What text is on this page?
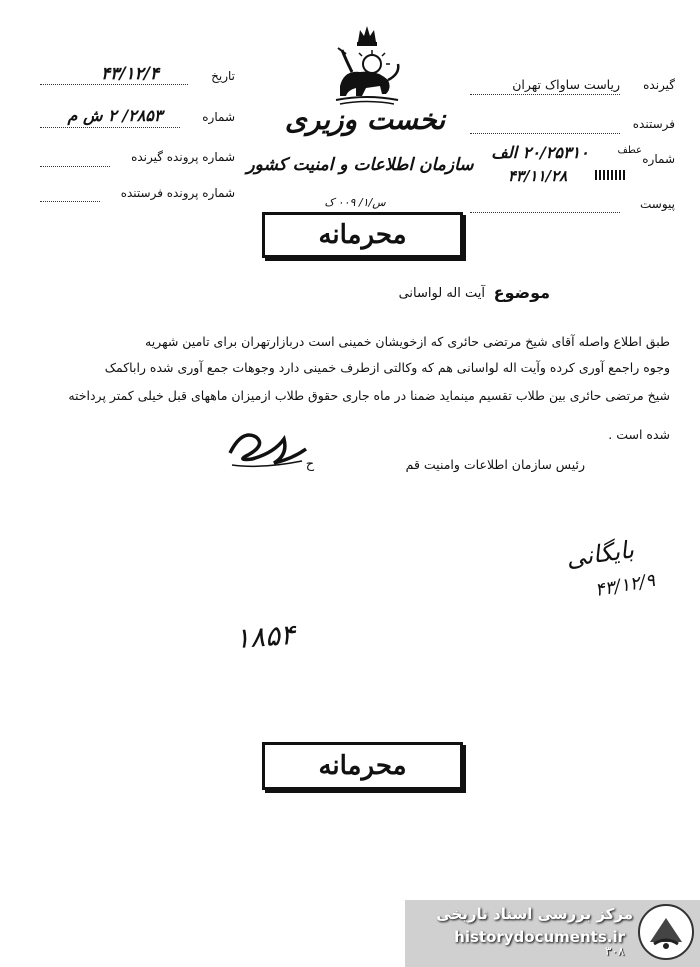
نخست وزیری
سازمان اطلاعات و امنیت کشور
تاریخ
۴۳/۱۲/۴
شماره
۲۸۵۳/ ۲ ش م
شماره پرونده گیرنده
شماره پرونده فرستنده
گیرنده
ریاست ساواک تهران
فرستنده
شماره
عطف
۲۰/۲۵۳۱۰ الف
۴۳/۱۱/۲۸
پیوست
س/۱/ ۰۰۹ ک
محرمانه
موضوع
آیت اله لواسانی
طبق اطلاع واصله آقای شیخ مرتضی حائری که ازخویشان خمینی است دربازارتهران برای تامین شهریه
وجوه راجمع آوری کرده وآیت اله لواسانی هم که وکالتی ازطرف خمینی دارد وجوهات جمع آوری شده راباکمک
شیخ مرتضی حائری بین طلاب تقسیم مینماید ضمنا در ماه جاری حقوق طلاب ازمیزان ماههای قبل خیلی کمتر پرداخته
شده است .
ح	رئیس سازمان اطلاعات وامنیت قم
بایگانی
۴۳/۱۲/۹
۱۸۵۴
محرمانه
مرکز بررسی اسناد تاریخی
historydocuments.ir
۳۰۸
